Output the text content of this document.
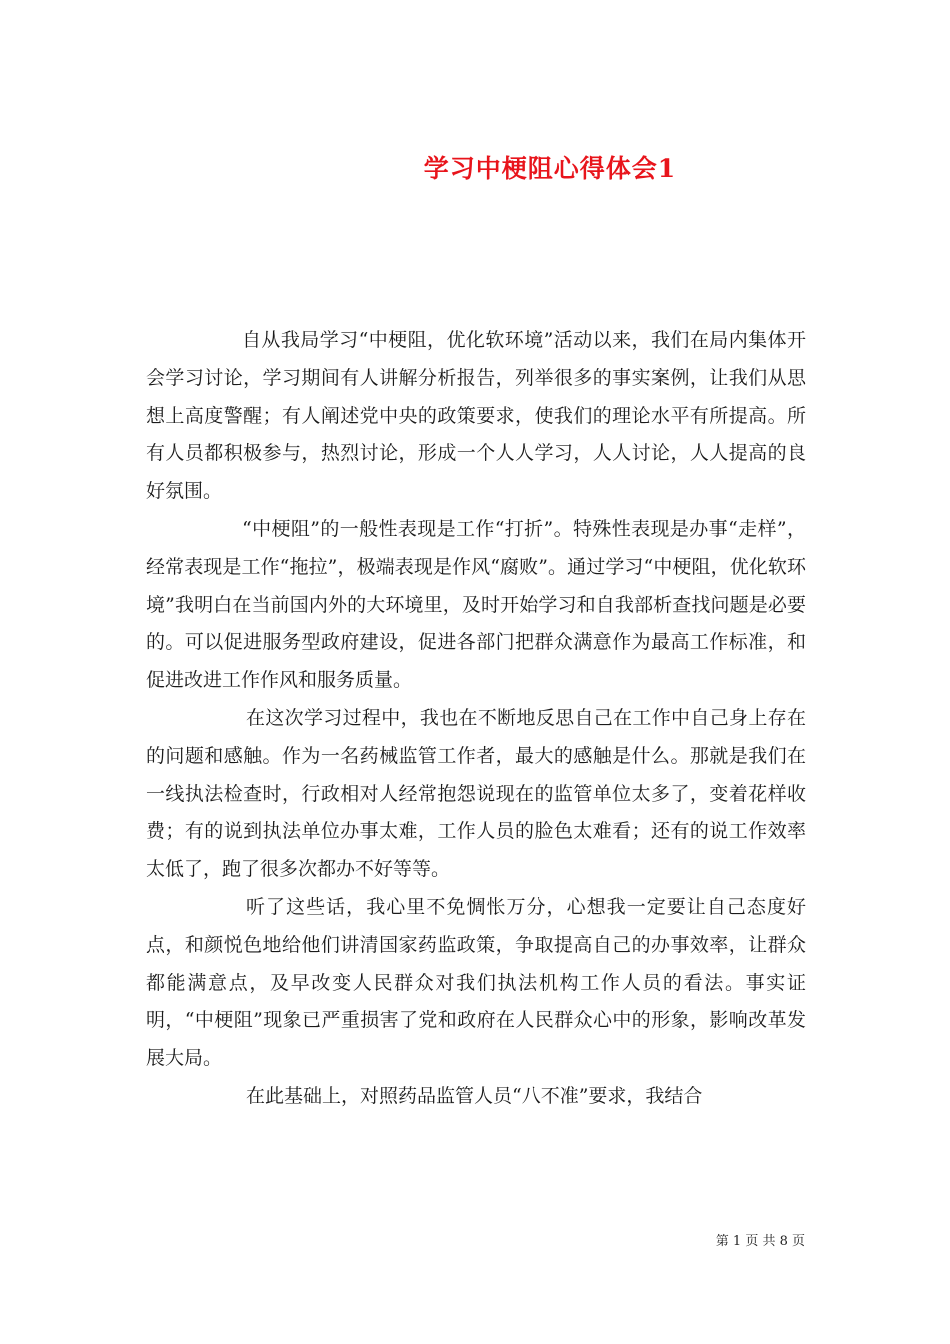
学习中梗阻心得体会1

自从我局学习“中梗阻，优化软环境”活动以来，我们在局内集体开会学习讨论，学习期间有人讲解分析报告，列举很多的事实案例，让我们从思想上高度警醒；有人阐述党中央的政策要求，使我们的理论水平有所提高。所有人员都积极参与，热烈讨论，形成一个人人学习，人人讨论，人人提高的良好氛围。

“中梗阻”的一般性表现是工作“打折”。特殊性表现是办事“走样”，经常表现是工作“拖拉”，极端表现是作风“腐败”。通过学习“中梗阻，优化软环境”我明白在当前国内外的大环境里，及时开始学习和自我部析查找问题是必要的。可以促进服务型政府建设，促进各部门把群众满意作为最高工作标准，和促进改进工作作风和服务质量。

在这次学习过程中，我也在不断地反思自己在工作中自己身上存在的问题和感触。作为一名药械监管工作者，最大的感触是什么。那就是我们在一线执法检查时，行政相对人经常抱怨说现在的监管单位太多了，变着花样收费；有的说到执法单位办事太难，工作人员的脸色太难看；还有的说工作效率太低了，跑了很多次都办不好等等。

听了这些话，我心里不免惆怅万分，心想我一定要让自己态度好点，和颜悦色地给他们讲清国家药监政策，争取提高自己的办事效率，让群众都能满意点，及早改变人民群众对我们执法机构工作人员的看法。事实证明，“中梗阻”现象已严重损害了党和政府在人民群众心中的形象，影响改革发展大局。

在此基础上，对照药品监管人员“八不准”要求，我结合

第 1 页 共 8 页
